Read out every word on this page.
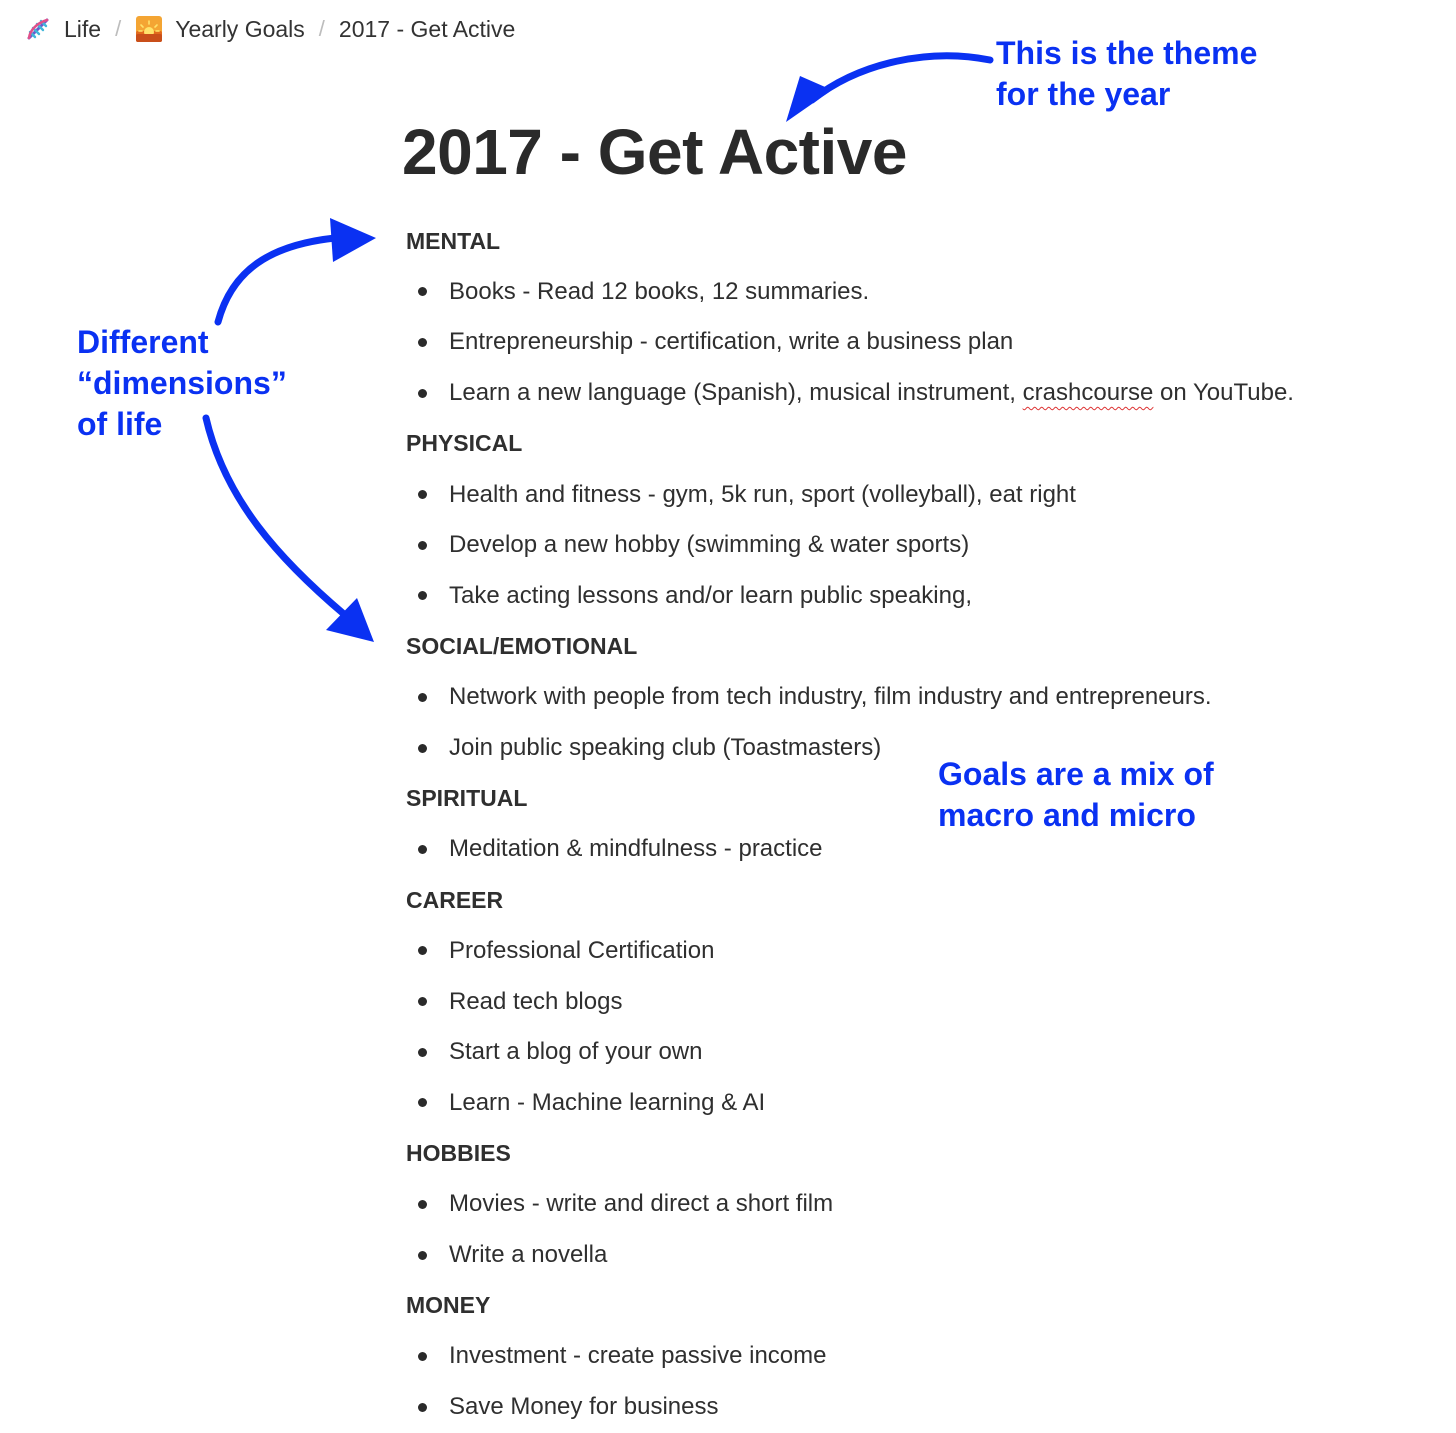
Life / Yearly Goals / 2017 - Get Active
2017 - Get Active
MENTAL
Books - Read 12 books, 12 summaries.
Entrepreneurship - certification, write a business plan
Learn a new language (Spanish), musical instrument, crashcourse on YouTube.
PHYSICAL
Health and fitness - gym, 5k run, sport (volleyball), eat right
Develop a new hobby (swimming & water sports)
Take acting lessons and/or learn public speaking,
SOCIAL/EMOTIONAL
Network with people from tech industry, film industry and entrepreneurs.
Join public speaking club (Toastmasters)
SPIRITUAL
Meditation & mindfulness - practice
CAREER
Professional Certification
Read tech blogs
Start a blog of your own
Learn - Machine learning & AI
HOBBIES
Movies - write and direct a short film
Write a novella
MONEY
Investment - create passive income
Save Money for business
This is the theme
for the year
Different
“dimensions”
of life
Goals are a mix of
macro and micro
